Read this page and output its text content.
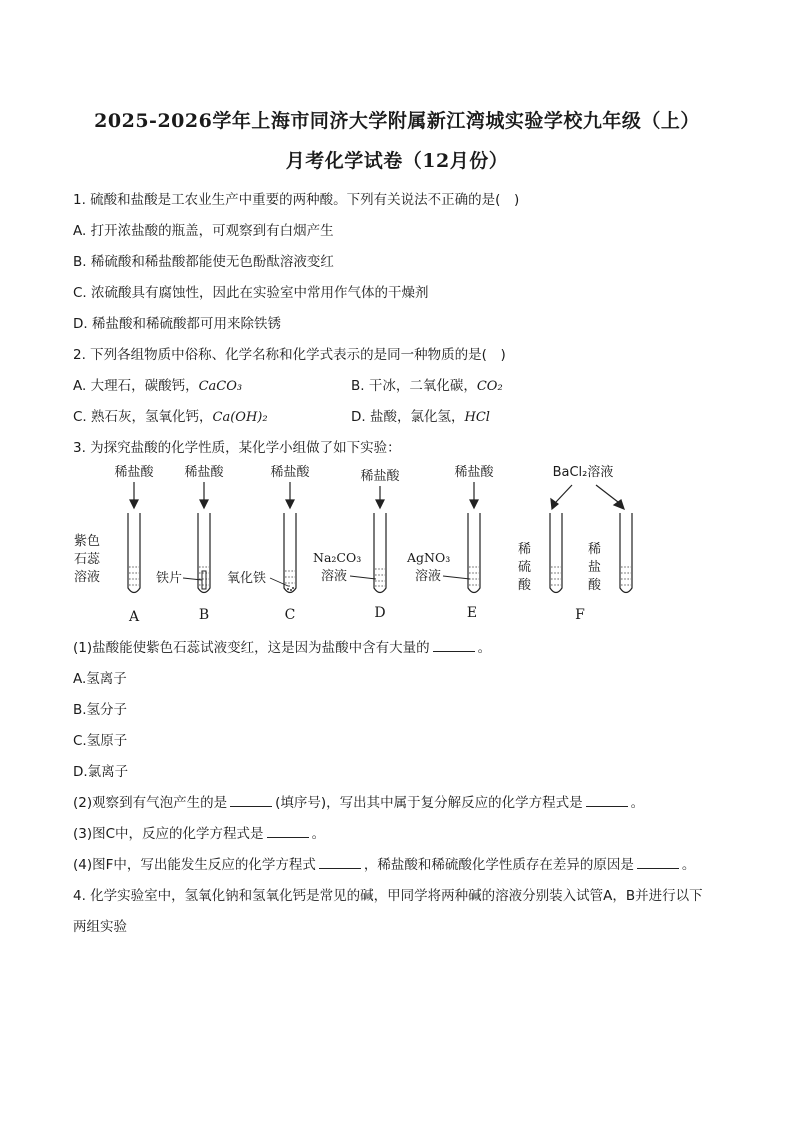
2025-2026学年上海市同济大学附属新江湾城实验学校九年级（上）
月考化学试卷（12月份）
1. 硫酸和盐酸是工农业生产中重要的两种酸。下列有关说法不正确的是(　)
A. 打开浓盐酸的瓶盖，可观察到有白烟产生
B. 稀硫酸和稀盐酸都能使无色酚酞溶液变红
C. 浓硫酸具有腐蚀性，因此在实验室中常用作气体的干燥剂
D. 稀盐酸和稀硫酸都可用来除铁锈
2. 下列各组物质中俗称、化学名称和化学式表示的是同一种物质的是(　)
A. 大理石，碳酸钙，CaCO₃	B. 干冰，二氧化碳，CO₂
C. 熟石灰，氢氧化钙，Ca(OH)₂	D. 盐酸，氯化氢，HCl
3. 为探究盐酸的化学性质，某化学小组做了如下实验：
稀盐酸 稀盐酸	稀盐酸	稀盐酸	稀盐酸	BaCl₂溶液
紫色
石蕊
溶液	铁片	氧化铁
Na₂CO₃
溶液
AgNO₃
溶液
稀
硫
酸
稀
盐
酸
A	B	C	D	E	F
(1)盐酸能使紫色石蕊试液变红，这是因为盐酸中含有大量的	。
A.氢离子
B.氢分子
C.氢原子
D.氯离子
(2)观察到有气泡产生的是	(填序号)，写出其中属于复分解反应的化学方程式是	。
(3)图C中，反应的化学方程式是	。
(4)图F中，写出能发生反应的化学方程式	，稀盐酸和稀硫酸化学性质存在差异的原因是	。
4. 化学实验室中，氢氧化钠和氢氧化钙是常见的碱，甲同学将两种碱的溶液分别装入试管A，B并进行以下
两组实验
